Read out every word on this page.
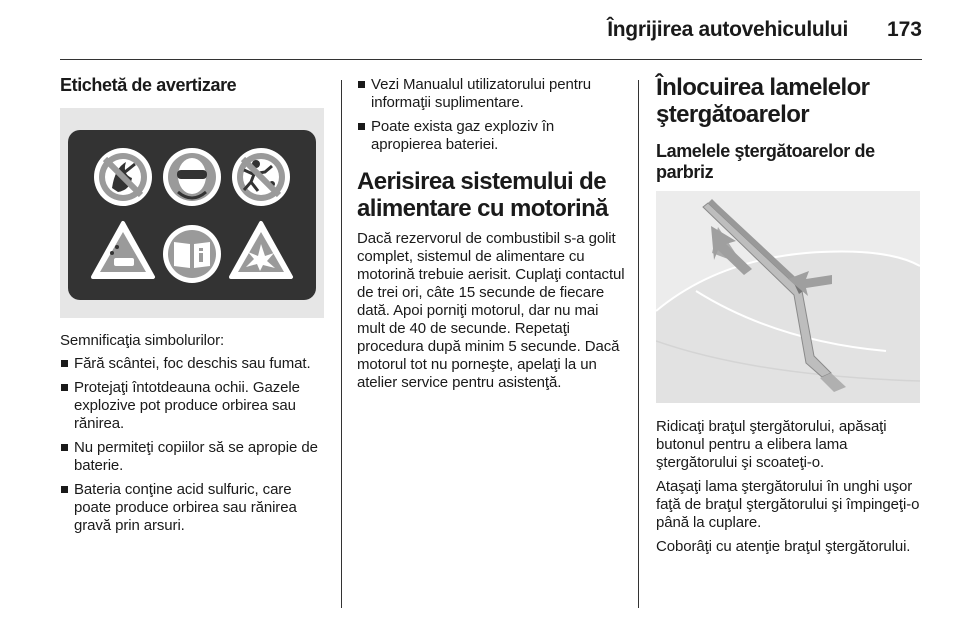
Îngrijirea autovehiculului 173
Etichetă de avertizare

Semnificaţia simbolurilor:

Fără scântei, foc deschis sau fumat.
Protejaţi întotdeauna ochii. Gazele explozive pot produce orbirea sau rănirea.
Nu permiteţi copiilor să se apropie de baterie.
Bateria conţine acid sulfuric, care poate produce orbirea sau rănirea gravă prin arsuri.
Vezi Manualul utilizatorului pentru informaţii suplimentare.
Poate exista gaz exploziv în apropierea bateriei.
Aerisirea sistemului de alimentare cu motorină

Dacă rezervorul de combustibil s-a golit complet, sistemul de alimentare cu motorină trebuie aerisit. Cuplaţi contactul de trei ori, câte 15 secunde de fiecare dată. Apoi porniţi motorul, dar nu mai mult de 40 de secunde. Repetaţi procedura după minim 5 secunde. Dacă motorul tot nu porneşte, apelaţi la un atelier service pentru asistenţă.

Înlocuirea lamelelor ştergătoarelor
Lamelele ştergătoarelor de parbriz

Ridicaţi braţul ştergătorului, apăsaţi butonul pentru a elibera lama ştergătorului şi scoateţi-o.

Ataşaţi lama ştergătorului în unghi uşor faţă de braţul ştergătorului şi împingeţi-o până la cuplare.

Coborâţi cu atenţie braţul ştergătorului.
